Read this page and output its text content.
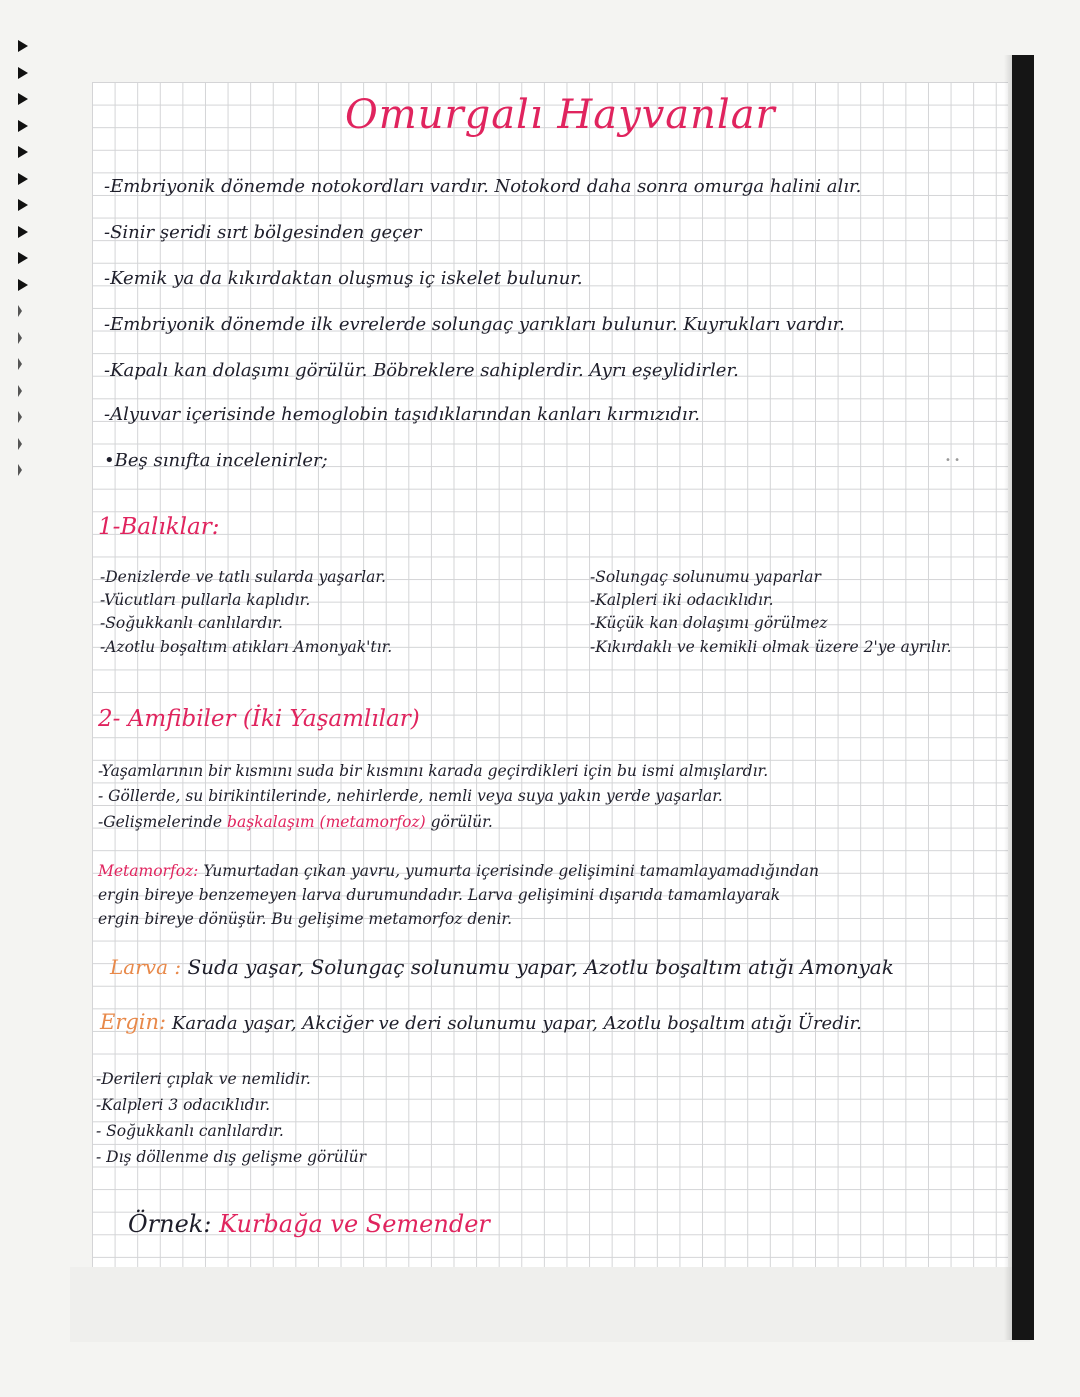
• •
Omurgalı Hayvanlar
-Embriyonik dönemde notokordları vardır. Notokord daha sonra omurga halini alır.
-Sinir şeridi sırt bölgesinden geçer
-Kemik ya da kıkırdaktan oluşmuş iç iskelet bulunur.
-Embriyonik dönemde ilk evrelerde solungaç yarıkları bulunur. Kuyrukları vardır.
-Kapalı kan dolaşımı görülür. Böbreklere sahiplerdir. Ayrı eşeylidirler.
-Alyuvar içerisinde hemoglobin taşıdıklarından kanları kırmızıdır.
•Beş sınıfta incelenirler;
1-Balıklar:
-Denizlerde ve tatlı sularda yaşarlar.
-Vücutları pullarla kaplıdır.
-Soğukkanlı canlılardır.
-Azotlu boşaltım atıkları Amonyak'tır.
-Solungaç solunumu yaparlar
-Kalpleri iki odacıklıdır.
-Küçük kan dolaşımı görülmez
-Kıkırdaklı ve kemikli olmak üzere 2'ye ayrılır.
2- Amfibiler (İki Yaşamlılar)
-Yaşamlarının bir kısmını suda bir kısmını karada geçirdikleri için bu ismi almışlardır.
- Göllerde, su birikintilerinde, nehirlerde, nemli veya suya yakın yerde yaşarlar.
-Gelişmelerinde başkalaşım (metamorfoz) görülür.
Metamorfoz: Yumurtadan çıkan yavru, yumurta içerisinde gelişimini tamamlayamadığından
ergin bireye benzemeyen larva durumundadır. Larva gelişimini dışarıda tamamlayarak
ergin bireye dönüşür. Bu gelişime metamorfoz denir.
Larva : Suda yaşar, Solungaç solunumu yapar, Azotlu boşaltım atığı Amonyak
Ergin: Karada yaşar, Akciğer ve deri solunumu yapar, Azotlu boşaltım atığı Üredir.
-Derileri çıplak ve nemlidir.
-Kalpleri 3 odacıklıdır.
- Soğukkanlı canlılardır.
- Dış döllenme dış gelişme görülür
Örnek: Kurbağa ve Semender
